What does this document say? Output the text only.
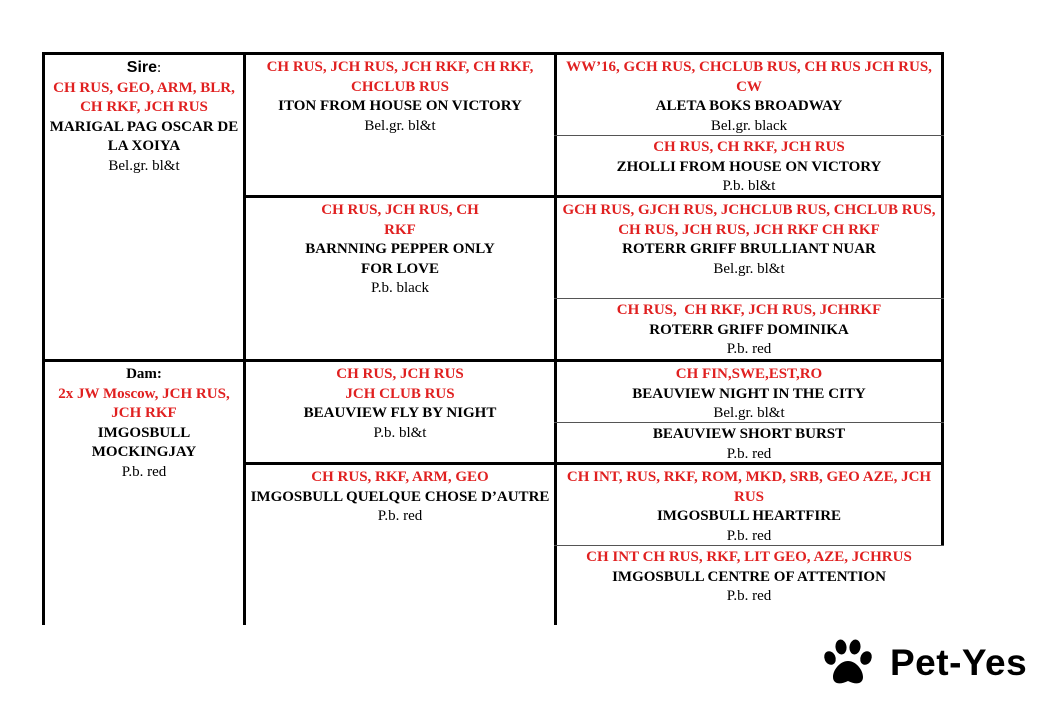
Sire:
CH RUS, GEO, ARM, BLR, CH RKF, JCH RUS
MARIGAL PAG OSCAR DE LA XOIYA
Bel.gr. bl&t
Dam:
2x JW Moscow, JCH RUS, JCH RKF
IMGOSBULL MOCKINGJAY
P.b. red
CH RUS, JCH RUS, JCH RKF, CH RKF, CHCLUB RUS
ITON FROM HOUSE ON VICTORY
Bel.gr. bl&t
CH RUS, JCH RUS, CH RKF
BARNNING PEPPER ONLY FOR LOVE
P.b. black
CH RUS, JCH RUS JCH CLUB RUS
BEAUVIEW FLY BY NIGHT
P.b. bl&t
CH RUS, RKF, ARM, GEO
IMGOSBULL QUELQUE CHOSE D’AUTRE
P.b. red
WW’16, GCH RUS, CHCLUB RUS, CH RUS JCH RUS, CW
ALETA BOKS BROADWAY
Bel.gr. black
CH RUS, CH RKF, JCH RUS
ZHOLLI FROM HOUSE ON VICTORY
P.b. bl&t
GCH RUS, GJCH RUS, JCHCLUB RUS, CHCLUB RUS, CH RUS, JCH RUS, JCH RKF CH RKF
ROTERR GRIFF BRULLIANT NUAR
Bel.gr. bl&t
CH RUS,  CH RKF, JCH RUS, JCHRKF
ROTERR GRIFF DOMINIKA
P.b. red
CH FIN,SWE,EST,RO
BEAUVIEW NIGHT IN THE CITY
Bel.gr. bl&t
BEAUVIEW SHORT BURST
P.b. red
CH INT, RUS, RKF, ROM, MKD, SRB, GEO AZE, JCH RUS
IMGOSBULL HEARTFIRE
P.b. red
CH INT CH RUS, RKF, LIT GEO, AZE, JCHRUS
IMGOSBULL CENTRE OF ATTENTION
P.b. red
Pet-Yes
